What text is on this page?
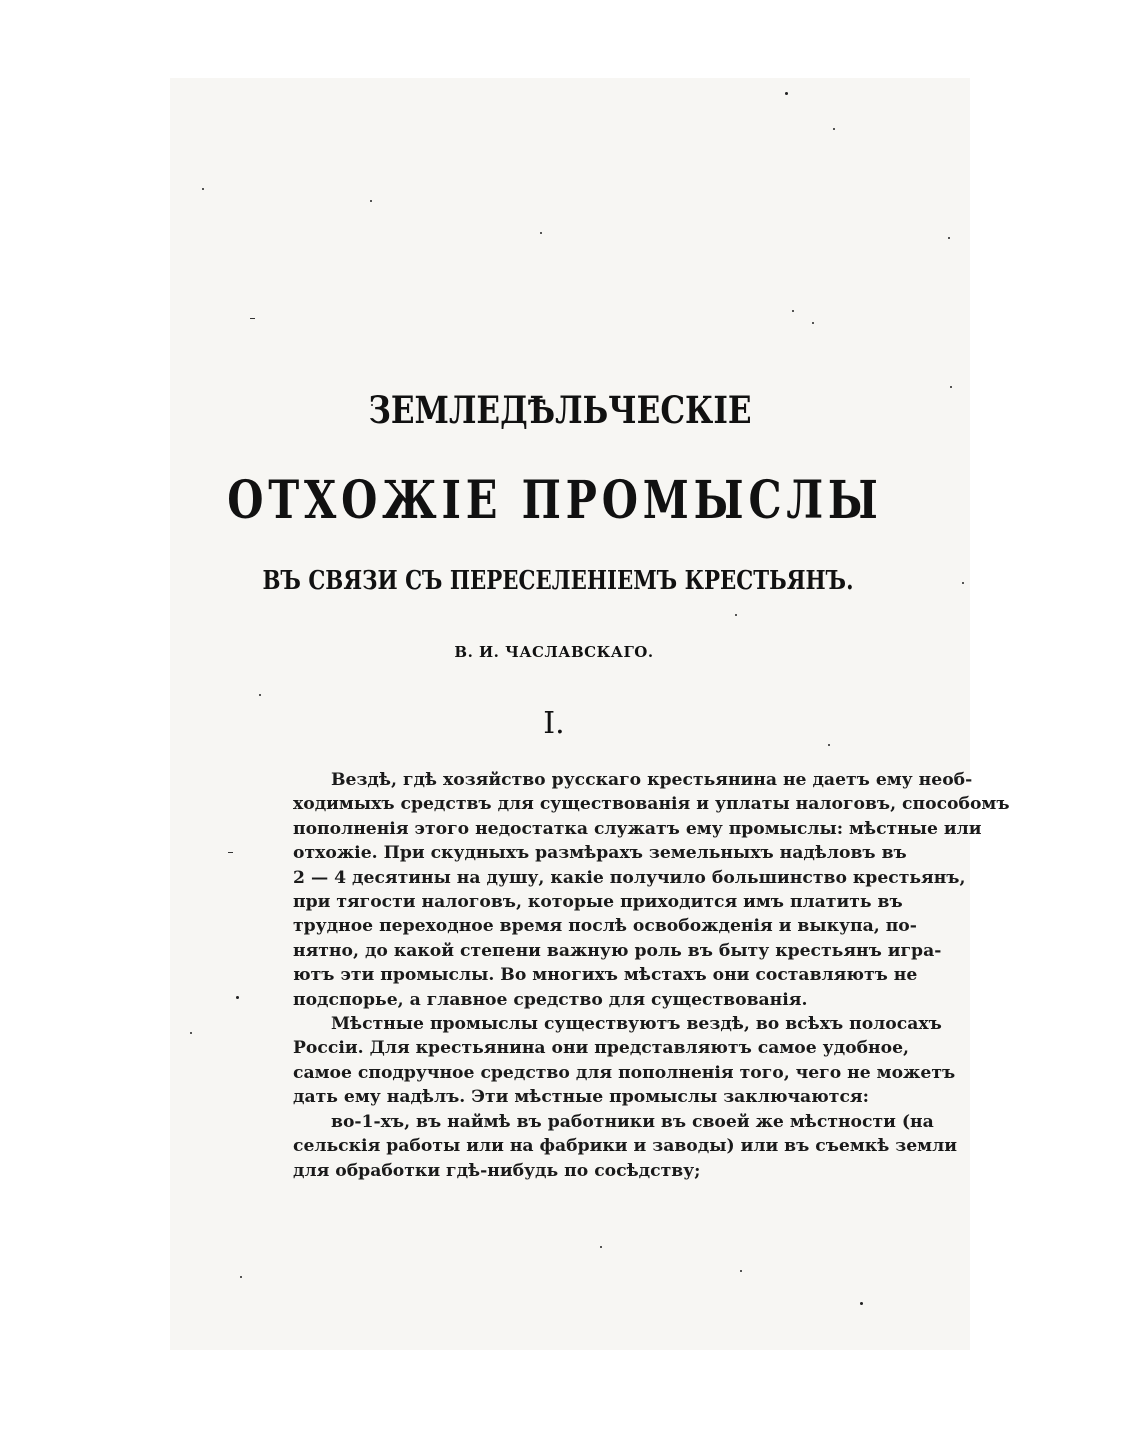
ЗЕМЛЕДѢЛЬЧЕСКІЕ
ОТХОЖІЕ ПРОМЫСЛЫ
ВЪ СВЯЗИ СЪ ПЕРЕСЕЛЕНІЕМЪ КРЕСТЬЯНЪ.
В. И. ЧАСЛАВСКАГО.
I.
Вездѣ, гдѣ хозяйство русскаго крестьянина не даетъ ему необ-
ходимыхъ средствъ для существованія и уплаты налоговъ, способомъ
пополненія этого недостатка служатъ ему промыслы: мѣстные или
отхожіе. При скудныхъ размѣрахъ земельныхъ надѣловъ въ
2 — 4 десятины на душу, какіе получило большинство крестьянъ,
при тягости налоговъ, которые приходится имъ платить въ
трудное переходное время послѣ освобожденія и выкупа, по-
нятно, до какой степени важную роль въ быту крестьянъ игра-
ютъ эти промыслы. Во многихъ мѣстахъ они составляютъ не
подспорье, а главное средство для существованія.
Мѣстные промыслы существуютъ вездѣ, во всѣхъ полосахъ
Россіи. Для крестьянина они представляютъ самое удобное,
самое сподручное средство для пополненія того, чего не можетъ
дать ему надѣлъ. Эти мѣстные промыслы заключаются:
во-1-хъ, въ наймѣ въ работники въ своей же мѣстности (на
сельскія работы или на фабрики и заводы) или въ съемкѣ земли
для обработки гдѣ-нибудь по сосѣдству;
